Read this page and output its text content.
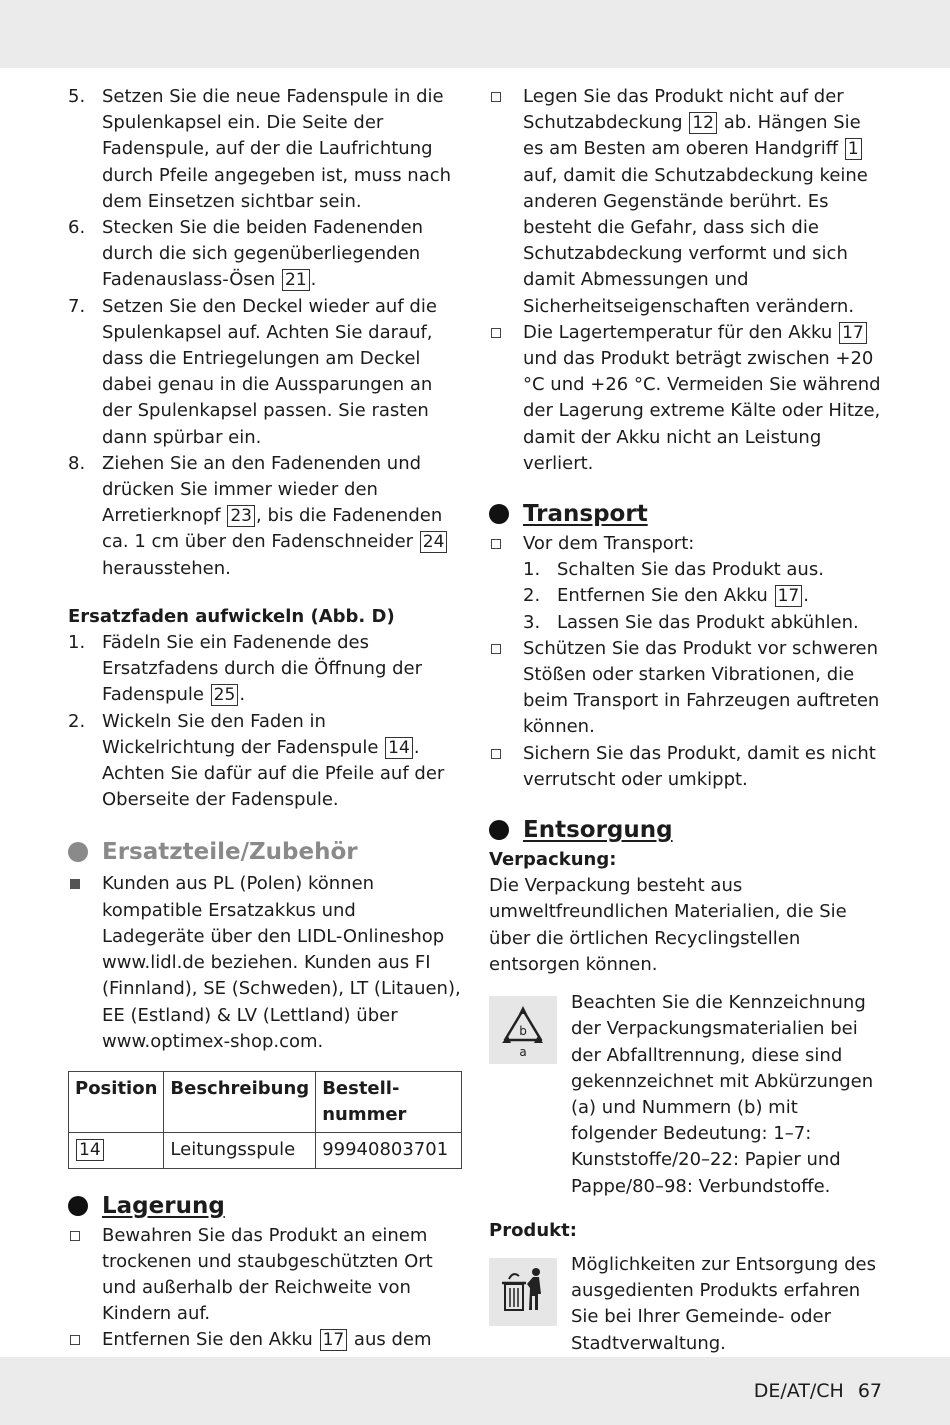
5. Setzen Sie die neue Fadenspule in die Spulenkapsel ein. Die Seite der Fadenspule, auf der die Laufrichtung durch Pfeile angegeben ist, muss nach dem Einsetzen sichtbar sein.
6. Stecken Sie die beiden Fadenenden durch die sich gegenüberliegenden Fadenauslass-Ösen 21 .
7. Setzen Sie den Deckel wieder auf die Spulenkapsel auf. Achten Sie darauf, dass die Entriegelungen am Deckel dabei genau in die Aussparungen an der Spulenkapsel passen. Sie rasten dann spürbar ein.
8. Ziehen Sie an den Fadenenden und drücken Sie immer wieder den Arretierknopf 23 , bis die Fadenenden ca. 1 cm über den Fadenschneider 24 herausstehen.

Ersatzfaden aufwickeln (Abb. D)

1. Fädeln Sie ein Fadenende des Ersatzfadens durch die Öffnung der Fadenspule 25 .
2. Wickeln Sie den Faden in Wickelrichtung der Fadenspule 14 . Achten Sie dafür auf die Pfeile auf der Oberseite der Fadenspule.
Ersatzteile/Zubehör
Kunden aus PL (Polen) können kompatible Ersatzakkus und Ladegeräte über den LIDL-Onlineshop www.lidl.de beziehen. Kunden aus FI (Finnland), SE (Schweden), LT (Litauen), EE (Estland) & LV (Lettland) über www.optimex-shop.com.
Position	Beschreibung	Bestell-nummer
14	Leitungsspule	99940803701
Lagerung
Bewahren Sie das Produkt an einem trockenen und staubgeschützten Ort und außerhalb der Reichweite von Kindern auf.
Entfernen Sie den Akku 17 aus dem
Legen Sie das Produkt nicht auf der Schutzabdeckung 12 ab. Hängen Sie es am Besten am oberen Handgriff 1 auf, damit die Schutzabdeckung keine anderen Gegenstände berührt. Es besteht die Gefahr, dass sich die Schutzabdeckung verformt und sich damit Abmessungen und Sicherheitseigenschaften verändern.
Die Lagertemperatur für den Akku 17 und das Produkt beträgt zwischen +20 °C und +26 °C. Vermeiden Sie während der Lagerung extreme Kälte oder Hitze, damit der Akku nicht an Leistung verliert.
Transport
Vor dem Transport:
1. Schalten Sie das Produkt aus.
2. Entfernen Sie den Akku 17 .
3. Lassen Sie das Produkt abkühlen.
Schützen Sie das Produkt vor schweren Stößen oder starken Vibrationen, die beim Transport in Fahrzeugen auftreten können.
Sichern Sie das Produkt, damit es nicht verrutscht oder umkippt.
Entsorgung

Verpackung:

Die Verpackung besteht aus umweltfreundlichen Materialien, die Sie über die örtlichen Recyclingstellen entsorgen können.

b
a
Beachten Sie die Kennzeichnung der Verpackungsmaterialien bei der Abfalltrennung, diese sind gekennzeichnet mit Abkürzungen (a) und Nummern (b) mit folgender Bedeutung: 1–7: Kunststoffe/20–22: Papier und Pappe/80–98: Verbundstoffe.

Produkt:

Möglichkeiten zur Entsorgung des ausgedienten Produkts erfahren Sie bei Ihrer Gemeinde- oder Stadtverwaltung.
DE/AT/CH 67
